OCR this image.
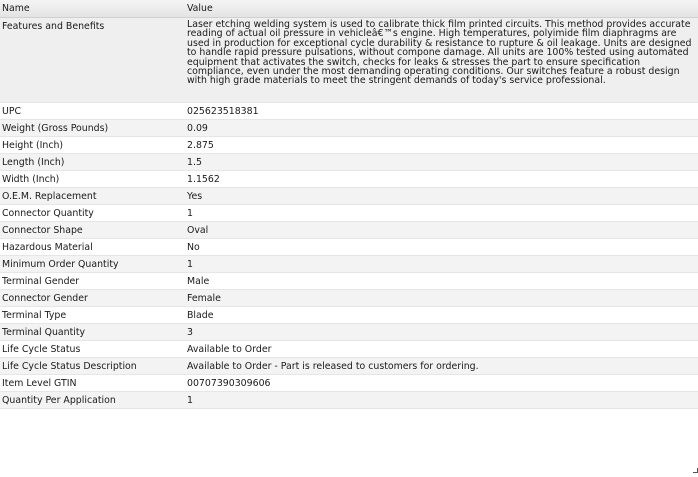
Name	Value
Features and Benefits	Laser etching welding system is used to calibrate thick film printed circuits. This method provides accurate reading of actual oil pressure in vehicleâ€™s engine. High temperatures, polyimide film diaphragms are used in production for exceptional cycle durability & resistance to rupture & oil leakage. Units are designed to handle rapid pressure pulsations, without compone damage. All units are 100% tested using automated equipment that activates the switch, checks for leaks & stresses the part to ensure specification compliance, even under the most demanding operating conditions. Our switches feature a robust design with high grade materials to meet the stringent demands of today's service professional.
UPC	025623518381
Weight (Gross Pounds)	0.09
Height (Inch)	2.875
Length (Inch)	1.5
Width (Inch)	1.1562
O.E.M. Replacement	Yes
Connector Quantity	1
Connector Shape	Oval
Hazardous Material	No
Minimum Order Quantity	1
Terminal Gender	Male
Connector Gender	Female
Terminal Type	Blade
Terminal Quantity	3
Life Cycle Status	Available to Order
Life Cycle Status Description	Available to Order - Part is released to customers for ordering.
Item Level GTIN	00707390309606
Quantity Per Application	1
